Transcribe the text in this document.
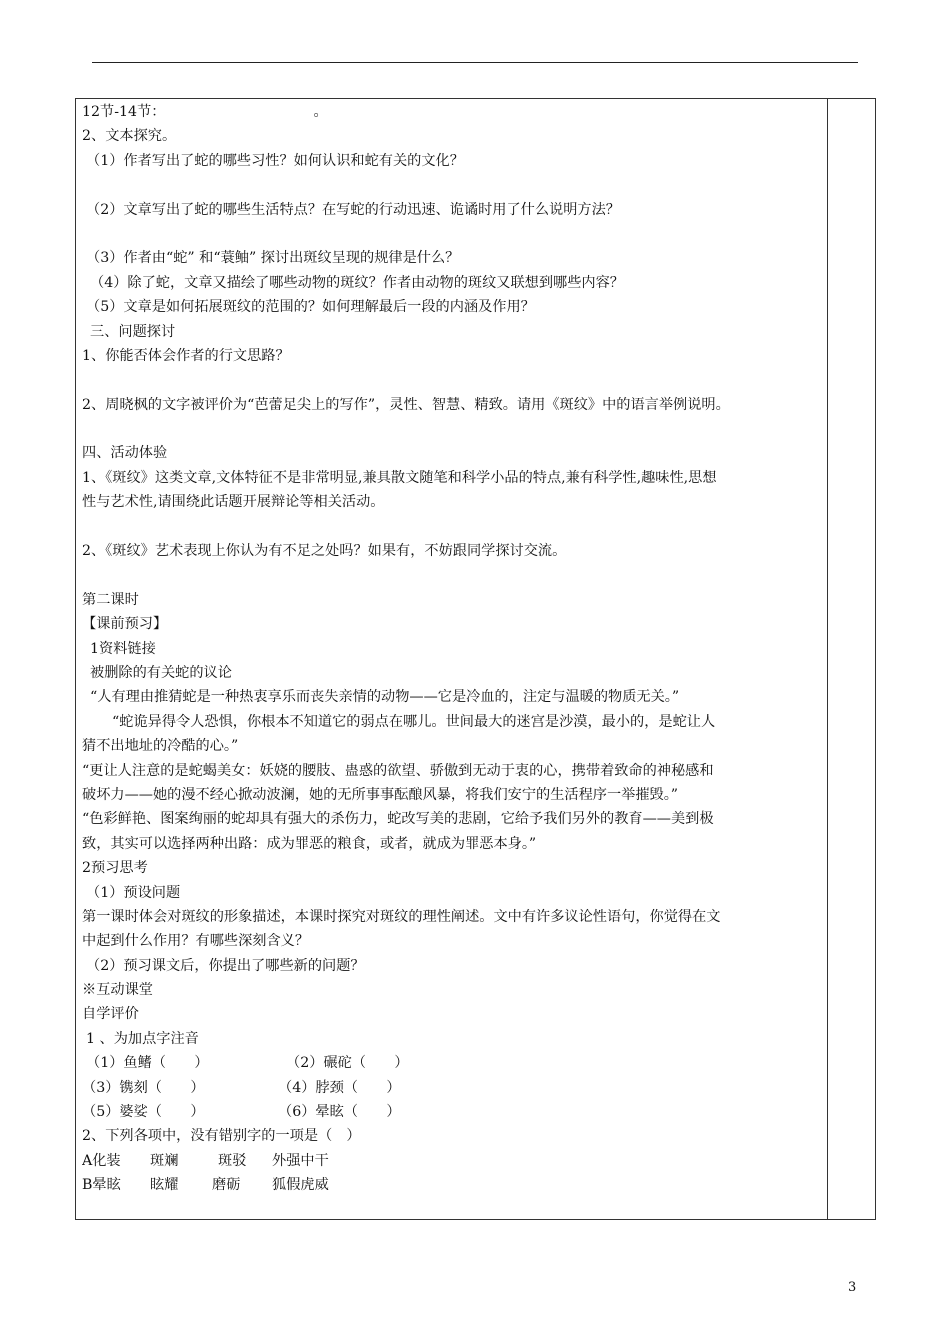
12节-14节：	。
2、文本探究。
（1）作者写出了蛇的哪些习性？如何认识和蛇有关的文化？
（2）文章写出了蛇的哪些生活特点？在写蛇的行动迅速、诡谲时用了什么说明方法？
（3）作者由“蛇” 和“蓑鲉” 探讨出斑纹呈现的规律是什么？
（4）除了蛇，文章又描绘了哪些动物的斑纹？作者由动物的斑纹又联想到哪些内容？
（5）文章是如何拓展斑纹的范围的？如何理解最后一段的内涵及作用？
三、问题探讨
1、你能否体会作者的行文思路？
2、周晓枫的文字被评价为“芭蕾足尖上的写作”，灵性、智慧、精致。请用《斑纹》中的语言举例说明。
四、活动体验
1、《斑纹》这类文章,文体特征不是非常明显,兼具散文随笔和科学小品的特点,兼有科学性,趣味性,思想
性与艺术性,请围绕此话题开展辩论等相关活动。
2、《斑纹》艺术表现上你认为有不足之处吗？如果有，不妨跟同学探讨交流。
第二课时
【课前预习】
1资料链接
被删除的有关蛇的议论
“人有理由推猜蛇是一种热衷享乐而丧失亲情的动物——它是冷血的，注定与温暖的物质无关。”
“蛇诡异得令人恐惧，你根本不知道它的弱点在哪儿。世间最大的迷宫是沙漠，最小的，是蛇让人
猜不出地址的冷酷的心。”
“更让人注意的是蛇蝎美女：妖娆的腰肢、蛊惑的欲望、骄傲到无动于衷的心，携带着致命的神秘感和
破坏力——她的漫不经心掀动波澜，她的无所事事酝酿风暴，将我们安宁的生活程序一举摧毁。”
“色彩鲜艳、图案绚丽的蛇却具有强大的杀伤力，蛇改写美的悲剧，它给予我们另外的教育——美到极
致，其实可以选择两种出路：成为罪恶的粮食，或者，就成为罪恶本身。”
2预习思考
（1）预设问题
第一课时体会对斑纹的形象描述，本课时探究对斑纹的理性阐述。文中有许多议论性语句，你觉得在文
中起到什么作用？有哪些深刻含义？
（2）预习课文后，你提出了哪些新的问题？
※互动课堂
自学评价
1 、为加点字注音
（1）鱼鳍（　　）	（2）碾砣（　　）
（3）镌刻（　　）	（4）脖颈（　　）
（5）婆娑（　　）	（6）晕眩（　　）
2、下列各项中，没有错别字的一项是（　）
A化装	斑斓	斑驳	外强中干
B晕眩	眩耀	磨砺	狐假虎威
3
